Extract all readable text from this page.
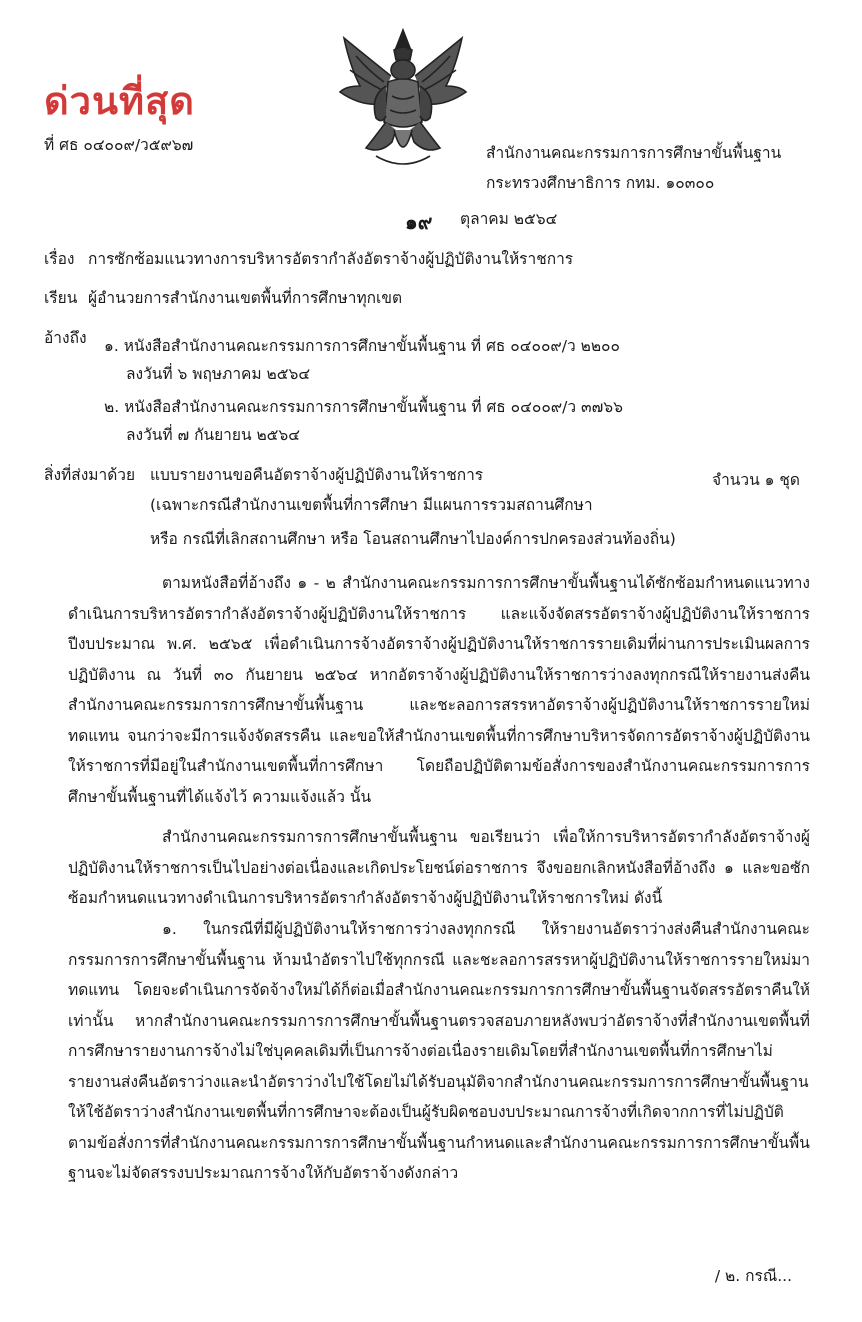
ด่วนที่สุด
ที่ ศธ ๐๔๐๐๙/ว๕๙๖๗	สำนักงานคณะกรรมการการศึกษาขั้นพื้นฐาน
กระทรวงศึกษาธิการ กทม. ๑๐๓๐๐
๑๙ ตุลาคม ๒๕๖๔
เรื่อง การซักซ้อมแนวทางการบริหารอัตรากำลังอัตราจ้างผู้ปฏิบัติงานให้ราชการ
เรียน ผู้อำนวยการสำนักงานเขตพื้นที่การศึกษาทุกเขต
อ้างถึง ๑. หนังสือสำนักงานคณะกรรมการการศึกษาขั้นพื้นฐาน ที่ ศธ ๐๔๐๐๙/ว ๒๒๐๐
ลงวันที่ ๖ พฤษภาคม ๒๕๖๔
๒. หนังสือสำนักงานคณะกรรมการการศึกษาขั้นพื้นฐาน ที่ ศธ ๐๔๐๐๙/ว ๓๗๖๖
ลงวันที่ ๗ กันยายน ๒๕๖๔
สิ่งที่ส่งมาด้วย แบบรายงานขอคืนอัตราจ้างผู้ปฏิบัติงานให้ราชการ
(เฉพาะกรณีสำนักงานเขตพื้นที่การศึกษา มีแผนการรวมสถานศึกษา
หรือ กรณีที่เลิกสถานศึกษา หรือ โอนสถานศึกษาไปองค์การปกครองส่วนท้องถิ่น)
จำนวน ๑ ชุด

ตามหนังสือที่อ้างถึง ๑ - ๒ สำนักงานคณะกรรมการการศึกษาขั้นพื้นฐานได้ซักซ้อมกำหนดแนวทางดำเนินการบริหารอัตรากำลังอัตราจ้างผู้ปฏิบัติงานให้ราชการ และแจ้งจัดสรรอัตราจ้างผู้ปฏิบัติงานให้ราชการ ปีงบประมาณ พ.ศ. ๒๕๖๕ เพื่อดำเนินการจ้างอัตราจ้างผู้ปฏิบัติงานให้ราชการรายเดิมที่ผ่านการประเมินผลการปฏิบัติงาน ณ วันที่ ๓๐ กันยายน ๒๕๖๔ หากอัตราจ้างผู้ปฏิบัติงานให้ราชการว่างลงทุกกรณีให้รายงานส่งคืนสำนักงานคณะกรรมการการศึกษาขั้นพื้นฐาน และชะลอการสรรหาอัตราจ้างผู้ปฏิบัติงานให้ราชการรายใหม่ทดแทน จนกว่าจะมีการแจ้งจัดสรรคืน และขอให้สำนักงานเขตพื้นที่การศึกษาบริหารจัดการอัตราจ้างผู้ปฏิบัติงานให้ราชการที่มีอยู่ในสำนักงานเขตพื้นที่การศึกษา โดยถือปฏิบัติตามข้อสั่งการของสำนักงานคณะกรรมการการศึกษาขั้นพื้นฐานที่ได้แจ้งไว้ ความแจ้งแล้ว นั้น

สำนักงานคณะกรรมการการศึกษาขั้นพื้นฐาน ขอเรียนว่า เพื่อให้การบริหารอัตรากำลังอัตราจ้างผู้ปฏิบัติงานให้ราชการเป็นไปอย่างต่อเนื่องและเกิดประโยชน์ต่อราชการ จึงขอยกเลิกหนังสือที่อ้างถึง ๑ และขอซักซ้อมกำหนดแนวทางดำเนินการบริหารอัตรากำลังอัตราจ้างผู้ปฏิบัติงานให้ราชการใหม่ ดังนี้

๑. ในกรณีที่มีผู้ปฏิบัติงานให้ราชการว่างลงทุกกรณี ให้รายงานอัตราว่างส่งคืนสำนักงานคณะกรรมการการศึกษาขั้นพื้นฐาน ห้ามนำอัตราไปใช้ทุกกรณี และชะลอการสรรหาผู้ปฏิบัติงานให้ราชการรายใหม่มาทดแทน โดยจะดำเนินการจัดจ้างใหม่ได้ก็ต่อเมื่อสำนักงานคณะกรรมการการศึกษาขั้นพื้นฐานจัดสรรอัตราคืนให้เท่านั้น หากสำนักงานคณะกรรมการการศึกษาขั้นพื้นฐานตรวจสอบภายหลังพบว่าอัตราจ้างที่สำนักงานเขตพื้นที่การศึกษารายงานการจ้างไม่ใช่บุคคลเดิมที่เป็นการจ้างต่อเนื่องรายเดิมโดยที่สำนักงานเขตพื้นที่การศึกษาไม่รายงานส่งคืนอัตราว่างและนำอัตราว่างไปใช้โดยไม่ได้รับอนุมัติจากสำนักงานคณะกรรมการการศึกษาขั้นพื้นฐานให้ใช้อัตราว่างสำนักงานเขตพื้นที่การศึกษาจะต้องเป็นผู้รับผิดชอบงบประมาณการจ้างที่เกิดจากการที่ไม่ปฏิบัติตามข้อสั่งการที่สำนักงานคณะกรรมการการศึกษาขั้นพื้นฐานกำหนดและสำนักงานคณะกรรมการการศึกษาขั้นพื้นฐานจะไม่จัดสรรงบประมาณการจ้างให้กับอัตราจ้างดังกล่าว

/ ๒. กรณี...
